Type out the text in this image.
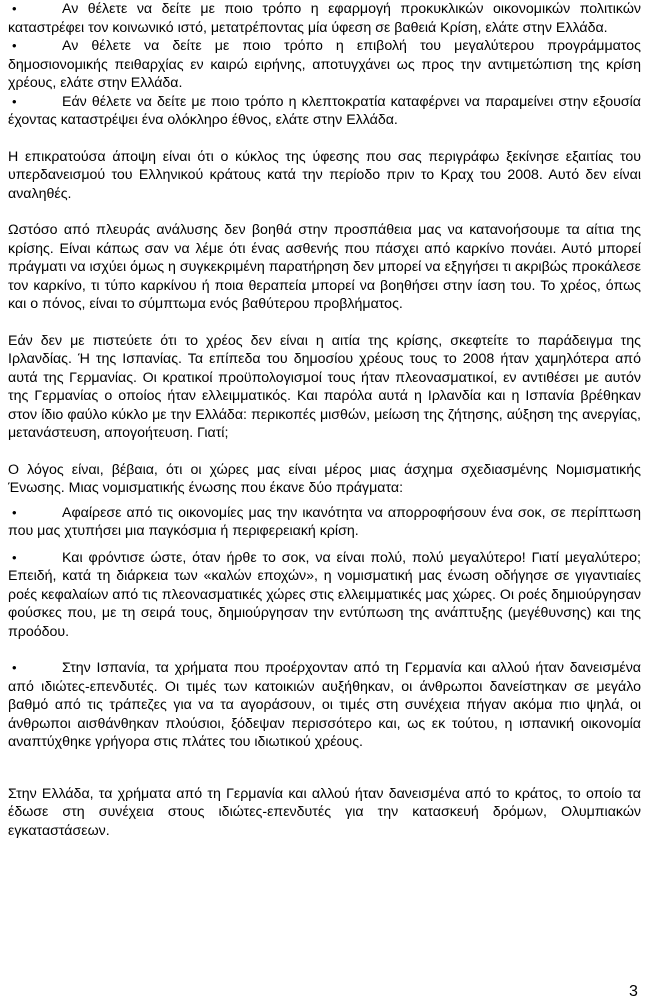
•	Αν θέλετε να δείτε με ποιο τρόπο η εφαρμογή προκυκλικών οικονομικών πολιτικών καταστρέφει τον κοινωνικό ιστό, μετατρέποντας μία ύφεση σε βαθειά Κρίση, ελάτε στην Ελλάδα.

•	Αν θέλετε να δείτε με ποιο τρόπο η επιβολή του μεγαλύτερου προγράμματος δημοσιονομικής πειθαρχίας εν καιρώ ειρήνης, αποτυγχάνει ως προς την αντιμετώπιση της κρίση χρέους, ελάτε στην Ελλάδα.

•	Εάν θέλετε να δείτε με ποιο τρόπο η κλεπτοκρατία καταφέρνει να παραμείνει στην εξουσία έχοντας καταστρέψει ένα ολόκληρο έθνος, ελάτε στην Ελλάδα.

Η επικρατούσα άποψη είναι ότι ο κύκλος της ύφεσης που σας περιγράφω ξεκίνησε εξαιτίας του υπερδανεισμού του Ελληνικού κράτους κατά την περίοδο πριν το Κραχ του 2008. Αυτό δεν είναι αναληθές.

Ωστόσο από πλευράς ανάλυσης δεν βοηθά στην προσπάθεια μας να κατανοήσουμε τα αίτια της κρίσης. Είναι κάπως σαν να λέμε ότι ένας ασθενής που πάσχει από καρκίνο πονάει. Αυτό μπορεί πράγματι να ισχύει όμως η συγκεκριμένη παρατήρηση δεν μπορεί να εξηγήσει τι ακριβώς προκάλεσε τον καρκίνο, τι τύπο καρκίνου ή ποια θεραπεία μπορεί να βοηθήσει στην ίαση του. Το χρέος, όπως και ο πόνος, είναι το σύμπτωμα ενός βαθύτερου προβλήματος.

Εάν δεν με πιστεύετε ότι το χρέος δεν είναι η αιτία της κρίσης, σκεφτείτε το παράδειγμα της Ιρλανδίας. Ή της Ισπανίας. Τα επίπεδα του δημοσίου χρέους τους το 2008 ήταν χαμηλότερα από αυτά της Γερμανίας. Οι κρατικοί προϋπολογισμοί τους ήταν πλεονασματικοί, εν αντιθέσει με αυτόν της Γερμανίας ο οποίος ήταν ελλειμματικός. Και παρόλα αυτά η Ιρλανδία και η Ισπανία βρέθηκαν στον ίδιο φαύλο κύκλο με την Ελλάδα: περικοπές μισθών, μείωση της ζήτησης, αύξηση της ανεργίας, μετανάστευση, απογοήτευση. Γιατί;

Ο λόγος είναι, βέβαια, ότι οι χώρες μας είναι μέρος μιας άσχημα σχεδιασμένης Νομισματικής Ένωσης. Μιας νομισματικής ένωσης που έκανε δύο πράγματα:

•	Αφαίρεσε από τις οικονομίες μας την ικανότητα να απορροφήσουν ένα σοκ, σε περίπτωση που μας χτυπήσει μια παγκόσμια ή περιφερειακή κρίση.

•	Και φρόντισε ώστε, όταν ήρθε το σοκ, να είναι πολύ, πολύ μεγαλύτερο! Γιατί μεγαλύτερο; Επειδή, κατά τη διάρκεια των «καλών εποχών», η νομισματική μας ένωση οδήγησε σε γιγαντιαίες ροές κεφαλαίων από τις πλεονασματικές χώρες στις ελλειμματικές μας χώρες. Οι ροές δημιούργησαν φούσκες που, με τη σειρά τους, δημιούργησαν την εντύπωση της ανάπτυξης (μεγέθυνσης) και της προόδου.

•	Στην Ισπανία, τα χρήματα που προέρχονταν από τη Γερμανία και αλλού ήταν δανεισμένα από ιδιώτες-επενδυτές. Οι τιμές των κατοικιών αυξήθηκαν, οι άνθρωποι δανείστηκαν σε μεγάλο βαθμό από τις τράπεζες για να τα αγοράσουν, οι τιμές στη συνέχεια πήγαν ακόμα πιο ψηλά, οι άνθρωποι αισθάνθηκαν πλούσιοι, ξόδεψαν περισσότερο και, ως εκ τούτου, η ισπανική οικονομία αναπτύχθηκε γρήγορα στις πλάτες του ιδιωτικού χρέους.

Στην Ελλάδα, τα χρήματα από τη Γερμανία και αλλού ήταν δανεισμένα από το κράτος, το οποίο τα έδωσε στη συνέχεια στους ιδιώτες-επενδυτές για την κατασκευή δρόμων, Ολυμπιακών εγκαταστάσεων.

3
